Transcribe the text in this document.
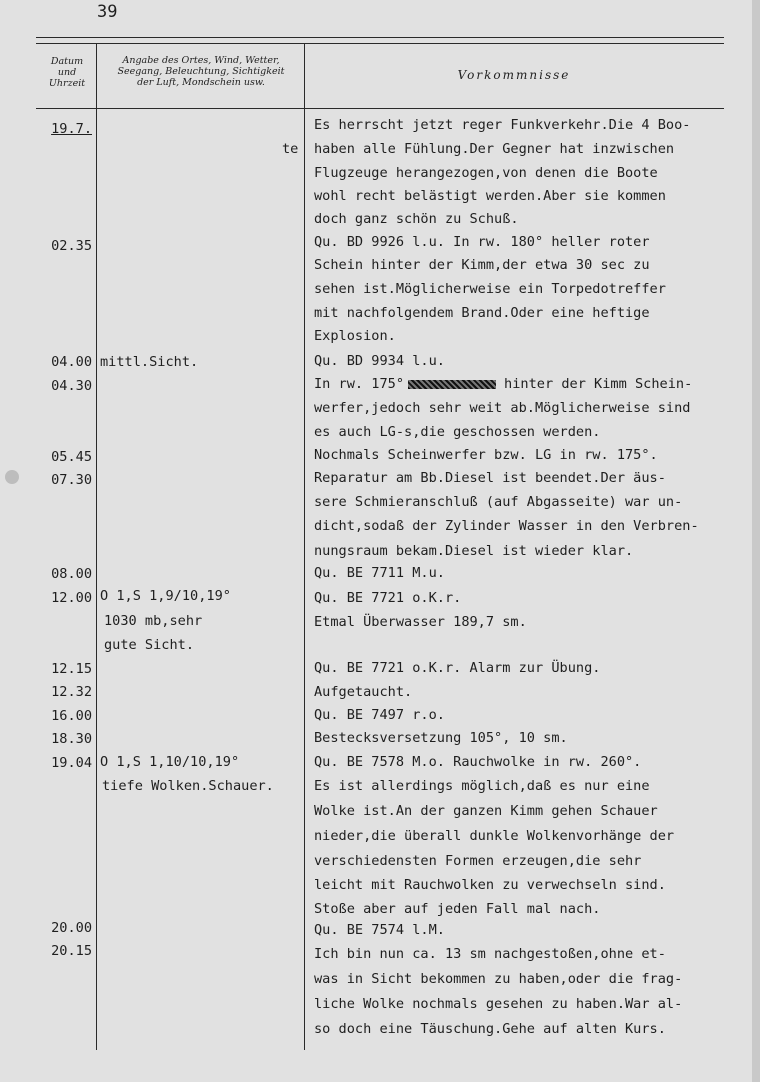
39
Datum
und
Uhrzeit
Angabe des Ortes, Wind, Wetter,
Seegang, Beleuchtung, Sichtigkeit
der Luft, Mondschein usw.
Vorkommnisse
19.7.	Es herrscht jetzt reger Funkverkehr.Die 4 Boo-
te haben alle Fühlung.Der Gegner hat inzwischen
Flugzeuge herangezogen,von denen die Boote
wohl recht belästigt werden.Aber sie kommen
doch ganz schön zu Schuß.
02.35	Qu. BD 9926 l.u. In rw. 180° heller roter
Schein hinter der Kimm,der etwa 30 sec zu
sehen ist.Möglicherweise ein Torpedotreffer
mit nachfolgendem Brand.Oder eine heftige
Explosion.
04.00 mittl.Sicht.	Qu. BD 9934 l.u.
04.30	In rw. 175°	hinter der Kimm Schein-
werfer,jedoch sehr weit ab.Möglicherweise sind
es auch LG-s,die geschossen werden.
05.45	Nochmals Scheinwerfer bzw. LG in rw. 175°.
07.30	Reparatur am Bb.Diesel ist beendet.Der äus-
sere Schmieranschluß (auf Abgasseite) war un-
dicht,sodaß der Zylinder Wasser in den Verbren-
nungsraum bekam.Diesel ist wieder klar.
08.00	Qu. BE 7711 M.u.
12.00 O 1,S 1,9/10,19°	Qu. BE 7721 o.K.r.
1030 mb,sehr	Etmal Überwasser 189,7 sm.
gute Sicht.
12.15	Qu. BE 7721 o.K.r. Alarm zur Übung.
12.32	Aufgetaucht.
16.00	Qu. BE 7497 r.o.
18.30	Bestecksversetzung 105°, 10 sm.
19.04 O 1,S 1,10/10,19°	Qu. BE 7578 M.o. Rauchwolke in rw. 260°.
tiefe Wolken.Schauer.	Es ist allerdings möglich,daß es nur eine
Wolke ist.An der ganzen Kimm gehen Schauer
nieder,die überall dunkle Wolkenvorhänge der
verschiedensten Formen erzeugen,die sehr
leicht mit Rauchwolken zu verwechseln sind.
Stoße aber auf jeden Fall mal nach.
20.00	Qu. BE 7574 l.M.
20.15	Ich bin nun ca. 13 sm nachgestoßen,ohne et-
was in Sicht bekommen zu haben,oder die frag-
liche Wolke nochmals gesehen zu haben.War al-
so doch eine Täuschung.Gehe auf alten Kurs.
